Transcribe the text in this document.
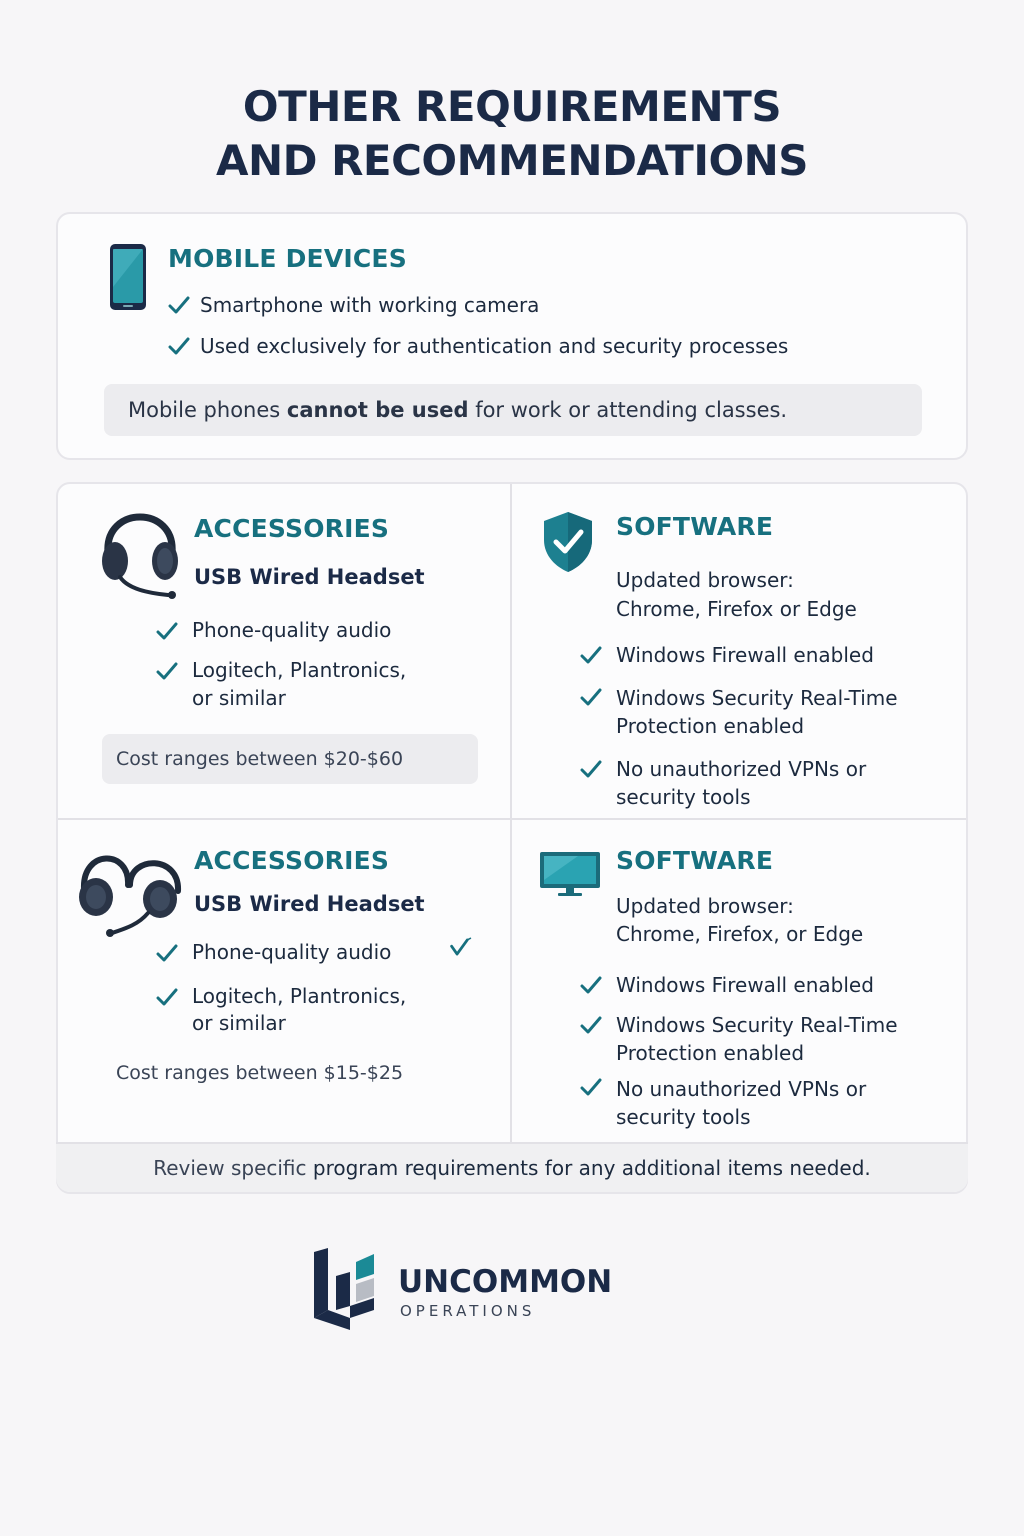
OTHER REQUIREMENTS
AND RECOMMENDATIONS
MOBILE DEVICES
Smartphone with working camera
Used exclusively for authentication and security processes
Mobile phones cannot be used for work or attending classes.
ACCESSORIES
USB Wired Headset
Phone-quality audio
Logitech, Plantronics,
or similar
Cost ranges between $20-$60
SOFTWARE
Updated browser:
Chrome, Firefox or Edge
Windows Firewall enabled
Windows Security Real-Time
Protection enabled
No unauthorized VPNs or
security tools
ACCESSORIES
USB Wired Headset
Phone-quality audio
Logitech, Plantronics,
or similar
Cost ranges between $15-$25
SOFTWARE
Updated browser:
Chrome, Firefox, or Edge
Windows Firewall enabled
Windows Security Real-Time
Protection enabled
No unauthorized VPNs or
security tools
Review specific program requirements for any additional items needed.
UNCOMMON
OPERATIONS
